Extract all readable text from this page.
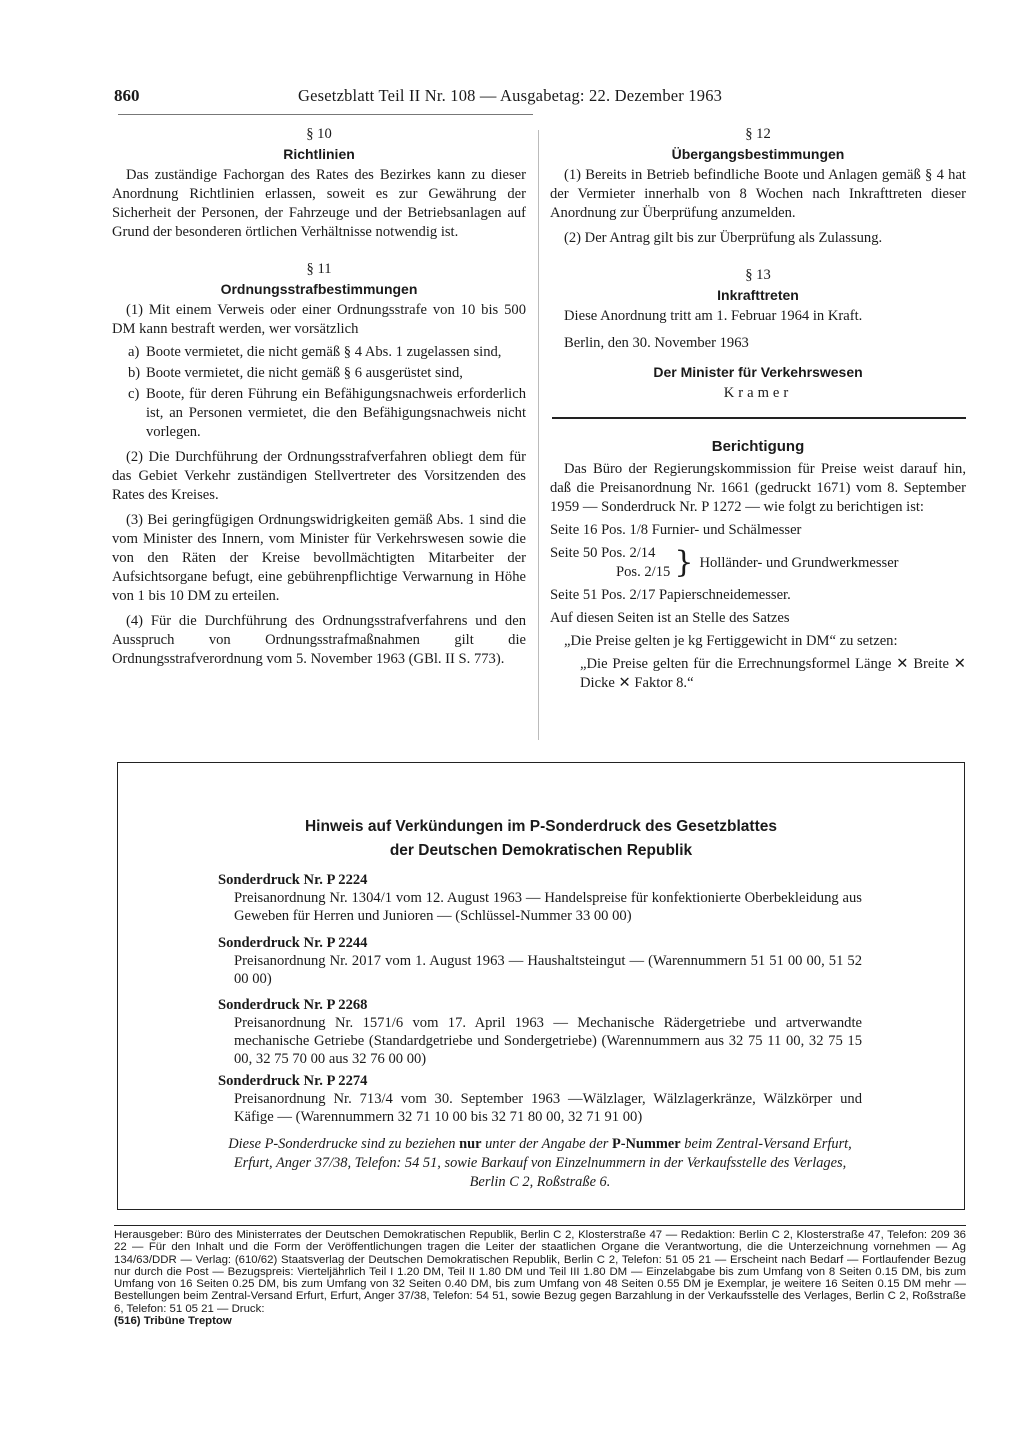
860	Gesetzblatt Teil II Nr. 108 — Ausgabetag: 22. Dezember 1963

§ 10

Richtlinien

Das zuständige Fachorgan des Rates des Bezirkes kann zu dieser Anordnung Richtlinien erlassen, soweit es zur Gewährung der Sicherheit der Personen, der Fahrzeuge und der Betriebsanlagen auf Grund der besonderen örtlichen Verhältnisse notwendig ist.

§ 11

Ordnungsstrafbestimmungen

(1) Mit einem Verweis oder einer Ordnungsstrafe von 10 bis 500 DM kann bestraft werden, wer vorsätzlich

a) Boote vermietet, die nicht gemäß § 4 Abs. 1 zugelassen sind,
b) Boote vermietet, die nicht gemäß § 6 ausgerüstet sind,
c) Boote, für deren Führung ein Befähigungsnachweis erforderlich ist, an Personen vermietet, die den Befähigungsnachweis nicht vorlegen.

(2) Die Durchführung der Ordnungsstrafverfahren obliegt dem für das Gebiet Verkehr zuständigen Stellvertreter des Vorsitzenden des Rates des Kreises.

(3) Bei geringfügigen Ordnungswidrigkeiten gemäß Abs. 1 sind die vom Minister des Innern, vom Minister für Verkehrswesen sowie die von den Räten der Kreise bevollmächtigten Mitarbeiter der Aufsichtsorgane befugt, eine gebührenpflichtige Verwarnung in Höhe von 1 bis 10 DM zu erteilen.

(4) Für die Durchführung des Ordnungsstrafverfahrens und den Ausspruch von Ordnungsstrafmaßnahmen gilt die Ordnungsstrafverordnung vom 5. November 1963 (GBl. II S. 773).

§ 12

Übergangsbestimmungen

(1) Bereits in Betrieb befindliche Boote und Anlagen gemäß § 4 hat der Vermieter innerhalb von 8 Wochen nach Inkrafttreten dieser Anordnung zur Überprüfung anzumelden.

(2) Der Antrag gilt bis zur Überprüfung als Zulassung.

§ 13

Inkrafttreten

Diese Anordnung tritt am 1. Februar 1964 in Kraft.

Berlin, den 30. November 1963

Der Minister für Verkehrswesen

Kramer

Berichtigung

Das Büro der Regierungskommission für Preise weist darauf hin, daß die Preisanordnung Nr. 1661 (gedruckt 1671) vom 8. September 1959 — Sonderdruck Nr. P 1272 — wie folgt zu berichtigen ist:

Seite 16 Pos. 1/8 Furnier- und Schälmesser

Seite 50 Pos. 2/14
Pos. 2/15 } Holländer- und Grundwerkmesser

Seite 51 Pos. 2/17 Papierschneidemesser.

Auf diesen Seiten ist an Stelle des Satzes

„Die Preise gelten je kg Fertiggewicht in DM“ zu setzen:

„Die Preise gelten für die Errechnungsformel Länge ✕ Breite ✕ Dicke ✕ Faktor 8.“

Hinweis auf Verkündungen im P-Sonderdruck des Gesetzblattes
der Deutschen Demokratischen Republik
Sonderdruck Nr. P 2224
Preisanordnung Nr. 1304/1 vom 12. August 1963 — Handelspreise für konfektionierte Oberbekleidung aus Geweben für Herren und Junioren — (Schlüssel-Nummer 33 00 00)
Sonderdruck Nr. P 2244
Preisanordnung Nr. 2017 vom 1. August 1963 — Haushaltsteingut — (Warennummern 51 51 00 00, 51 52 00 00)
Sonderdruck Nr. P 2268
Preisanordnung Nr. 1571/6 vom 17. April 1963 — Mechanische Rädergetriebe und artverwandte mechanische Getriebe (Standardgetriebe und Sondergetriebe) (Warennummern aus 32 75 11 00, 32 75 15 00, 32 75 70 00 aus 32 76 00 00)
Sonderdruck Nr. P 2274
Preisanordnung Nr. 713/4 vom 30. September 1963 —Wälzlager, Wälzlagerkränze, Wälzkörper und Käfige — (Warennummern 32 71 10 00 bis 32 71 80 00, 32 71 91 00)
Diese P-Sonderdrucke sind zu beziehen nur unter der Angabe der P-Nummer beim Zentral-Versand Erfurt, Erfurt, Anger 37/38, Telefon: 54 51, sowie Barkauf von Einzelnummern in der Verkaufsstelle des Verlages, Berlin C 2, Roßstraße 6.
Herausgeber: Büro des Ministerrates der Deutschen Demokratischen Republik, Berlin C 2, Klosterstraße 47 — Redaktion: Berlin C 2, Klosterstraße 47, Telefon: 209 36 22 — Für den Inhalt und die Form der Veröffentlichungen tragen die Leiter der staatlichen Organe die Verantwortung, die die Unterzeichnung vornehmen — Ag 134/63/DDR — Verlag: (610/62) Staatsverlag der Deutschen Demokratischen Republik, Berlin C 2, Telefon: 51 05 21 — Erscheint nach Bedarf — Fortlaufender Bezug nur durch die Post — Bezugspreis: Vierteljährlich Teil I 1.20 DM, Teil II 1.80 DM und Teil III 1.80 DM — Einzelabgabe bis zum Umfang von 8 Seiten 0.15 DM, bis zum Umfang von 16 Seiten 0.25 DM, bis zum Umfang von 32 Seiten 0.40 DM, bis zum Umfang von 48 Seiten 0.55 DM je Exemplar, je weitere 16 Seiten 0.15 DM mehr — Bestellungen beim Zentral-Versand Erfurt, Erfurt, Anger 37/38, Telefon: 54 51, sowie Bezug gegen Barzahlung in der Verkaufsstelle des Verlages, Berlin C 2, Roßstraße 6, Telefon: 51 05 21 — Druck:
(516) Tribüne Treptow
